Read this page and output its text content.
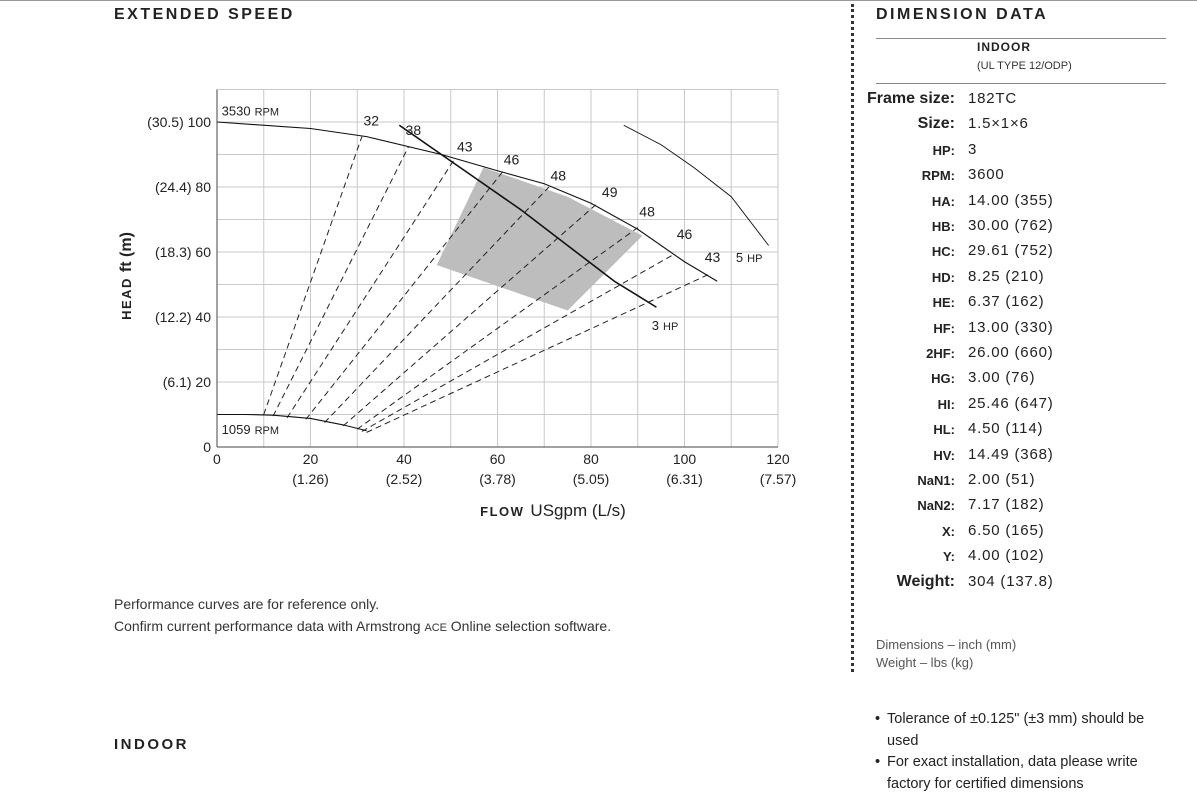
EXTENDED SPEED	DIMENSION DATA
32
38
43
46
48
49
48
46
43
3530 RPM
1059 RPM
3 HP
5 HP
0
(6.1) 20
(12.2) 40
(18.3) 60
(24.4) 80
(30.5) 100
0	20
(1.26)
40
(2.52)
60
(3.78)
80
(5.05)
100
(6.31)
120
(7.57)
FLOW USgpm (L/s)
HEADft (m)
Performance curves are for reference only.
Confirm current performance data with Armstrong ACE Online selection software.
INDOOR
INDOOR
(UL TYPE 12/ODP)
Frame size: 182TC
Size: 1.5×1×6
HP: 3
RPM: 3600
HA: 14.00 (355)
HB: 30.00 (762)
HC: 29.61 (752)
HD: 8.25 (210)
HE: 6.37 (162)
HF: 13.00 (330)
2HF: 26.00 (660)
HG: 3.00 (76)
HI: 25.46 (647)
HL: 4.50 (114)
HV: 14.49 (368)
NaN1: 2.00 (51)
NaN2: 7.17 (182)
X: 6.50 (165)
Y: 4.00 (102)
Weight: 304 (137.8)
Dimensions – inch (mm)
Weight – lbs (kg)
• Tolerance of ±0.125" (±3 mm) should be used
• For exact installation, data please write factory for certified dimensions
